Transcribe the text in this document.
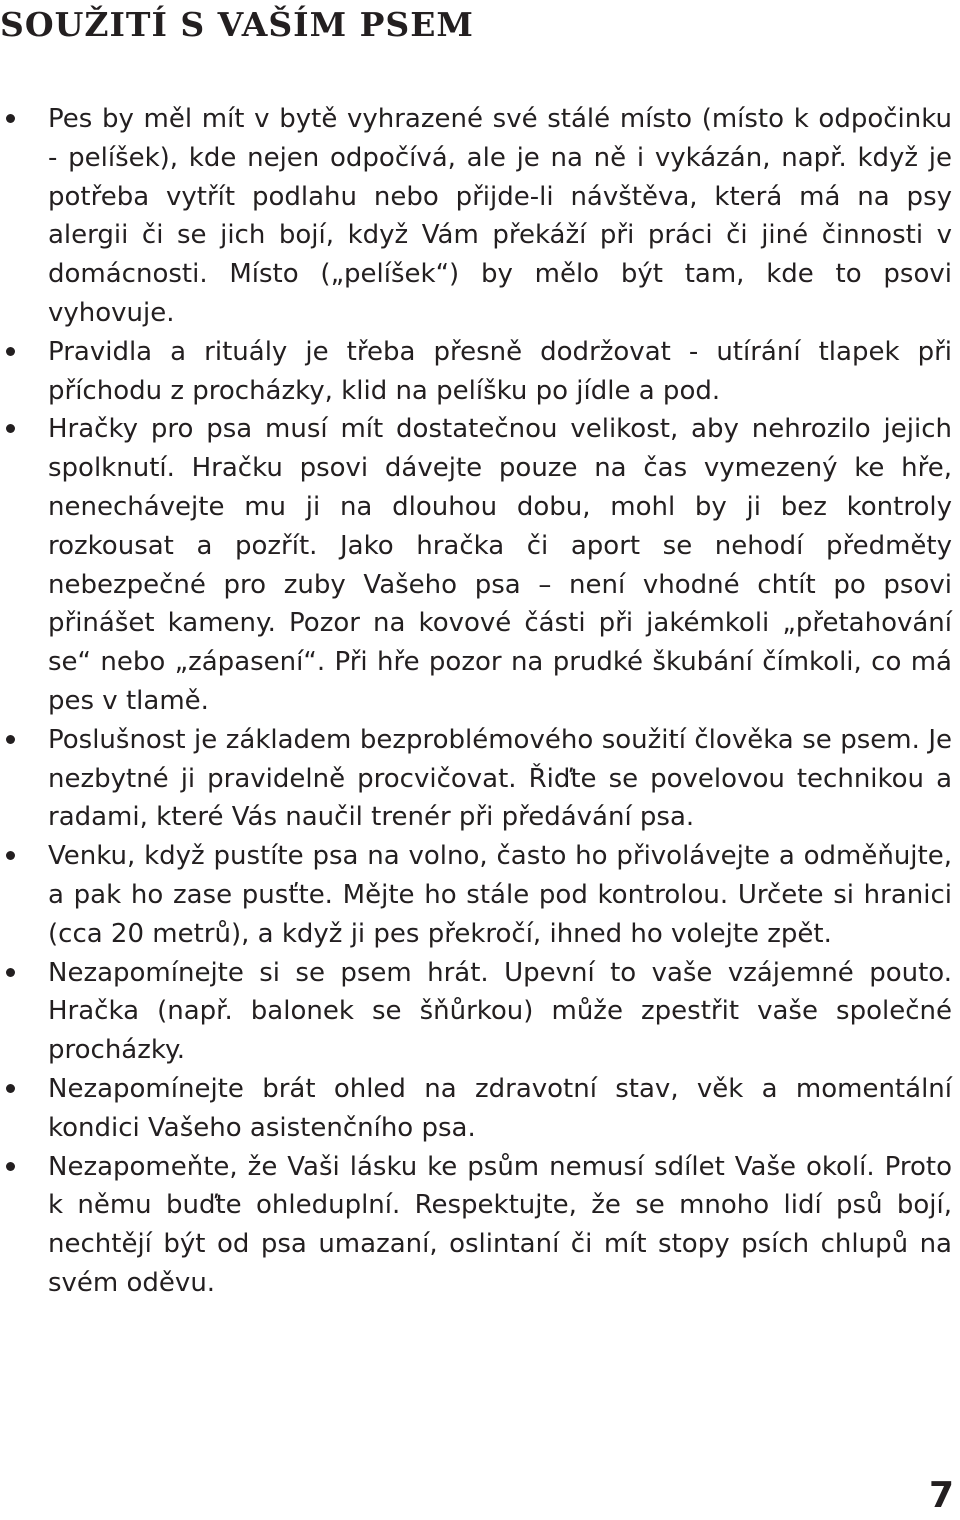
SOUŽITÍ S VAŠÍM PSEM
Pes by měl mít v bytě vyhrazené své stálé místo (místo k odpočinku - pelíšek), kde nejen odpočívá, ale je na ně i vykázán, např. když je potřeba vytřít podlahu nebo přijde-li návštěva, která má na psy alergii či se jich bojí, když Vám překáží při práci či jiné činnosti v domácnosti. Místo („pelíšek“) by mělo být tam, kde to psovi vyhovuje.
Pravidla a rituály je třeba přesně dodržovat - utírání tlapek při příchodu z procházky, klid na pelíšku po jídle a pod.
Hračky pro psa musí mít dostatečnou velikost, aby nehrozilo jejich spolknutí. Hračku psovi dávejte pouze na čas vymezený ke hře, nenechávejte mu ji na dlouhou dobu, mohl by ji bez kontroly rozkousat a pozřít. Jako hračka či aport se nehodí předměty nebezpečné pro zuby Vašeho psa – není vhodné chtít po psovi přinášet kameny. Pozor na kovové části při jakémkoli „přetahování se“ nebo „zápasení“. Při hře pozor na prudké škubání čímkoli, co má pes v tlamě.
Poslušnost je základem bezproblémového soužití člověka se psem. Je nezbytné ji pravidelně procvičovat. Řiďte se povelovou technikou a radami, které Vás naučil trenér při předávání psa.
Venku, když pustíte psa na volno, často ho přivolávejte a odměňujte, a pak ho zase pusťte. Mějte ho stále pod kontrolou. Určete si hranici (cca 20 metrů), a když ji pes překročí, ihned ho volejte zpět.
Nezapomínejte si se psem hrát. Upevní to vaše vzájemné pouto. Hračka (např. balonek se šňůrkou) může zpestřit vaše společné procházky.
Nezapomínejte brát ohled na zdravotní stav, věk a momentální kondici Vašeho asistenčního psa.
Nezapomeňte, že Vaši lásku ke psům nemusí sdílet Vaše okolí. Proto k němu buďte ohleduplní. Respektujte, že se mnoho lidí psů bojí, nechtějí být od psa umazaní, oslintaní či mít stopy psích chlupů na svém oděvu.
7
